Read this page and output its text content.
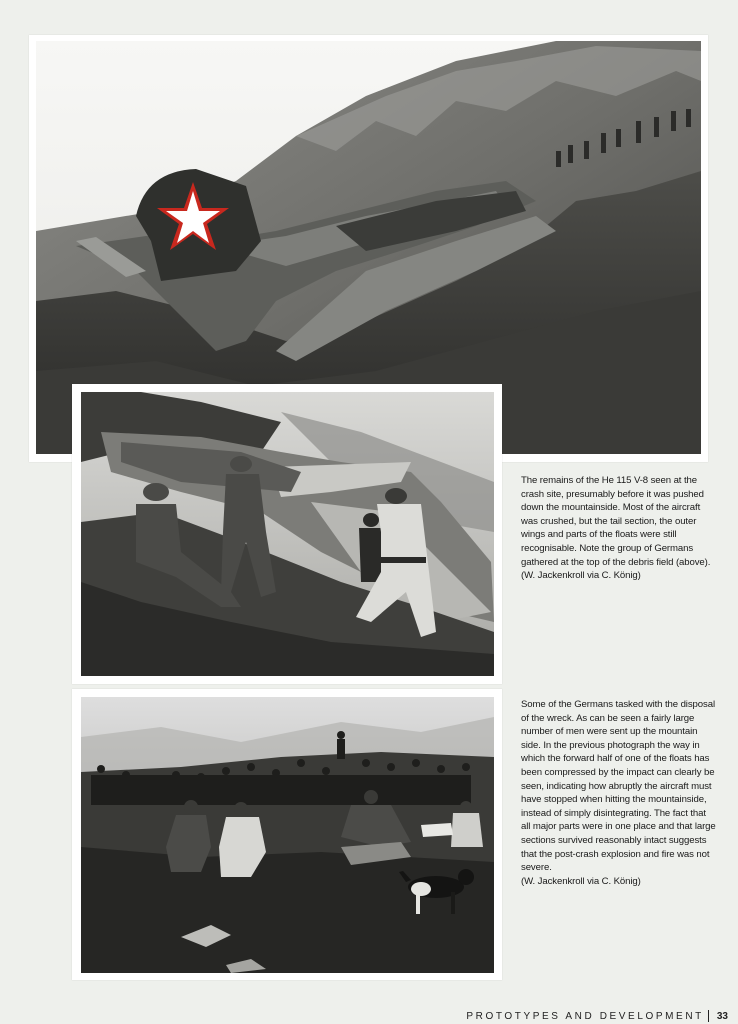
The remains of the He 115 V-8 seen at the crash site, presumably before it was pushed down the mountainside. Most of the aircraft was crushed, but the tail section, the outer wings and parts of the floats were still recognisable. Note the group of Germans gathered at the top of the debris field (above).
(W. Jackenkroll via C. König)
Some of the Germans tasked with the disposal of the wreck. As can be seen a fairly large number of men were sent up the mountain side. In the previous photograph the way in which the forward half of one of the floats has been compressed by the impact can clearly be seen, indicating how abruptly the aircraft must have stopped when hitting the mountainside, instead of simply disintegrating. The fact that all major parts were in one place and that large sections survived reasonably intact suggests that the post-crash explosion and fire was not severe.
(W. Jackenkroll via C. König)
PROTOTYPES AND DEVELOPMENT 33
